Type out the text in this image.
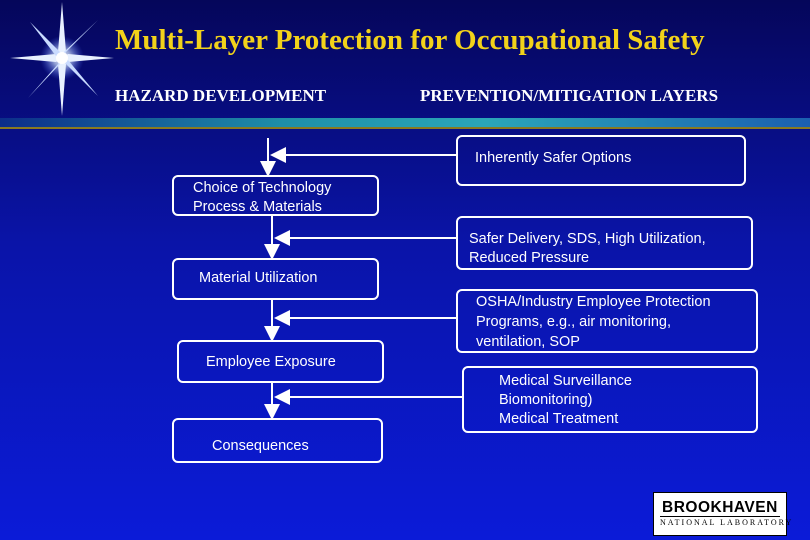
Multi-Layer Protection for Occupational Safety
HAZARD DEVELOPMENT	PREVENTION/MITIGATION LAYERS
Choice of Technology
Process & Materials
Material Utilization
Employee Exposure
Consequences
Inherently Safer Options
Safer Delivery, SDS, High Utilization,
Reduced Pressure
OSHA/Industry Employee Protection
Programs, e.g., air monitoring,
ventilation, SOP
Medical Surveillance
Biomonitoring)
Medical Treatment
BROOKHAVEN
NATIONAL LABORATORY
